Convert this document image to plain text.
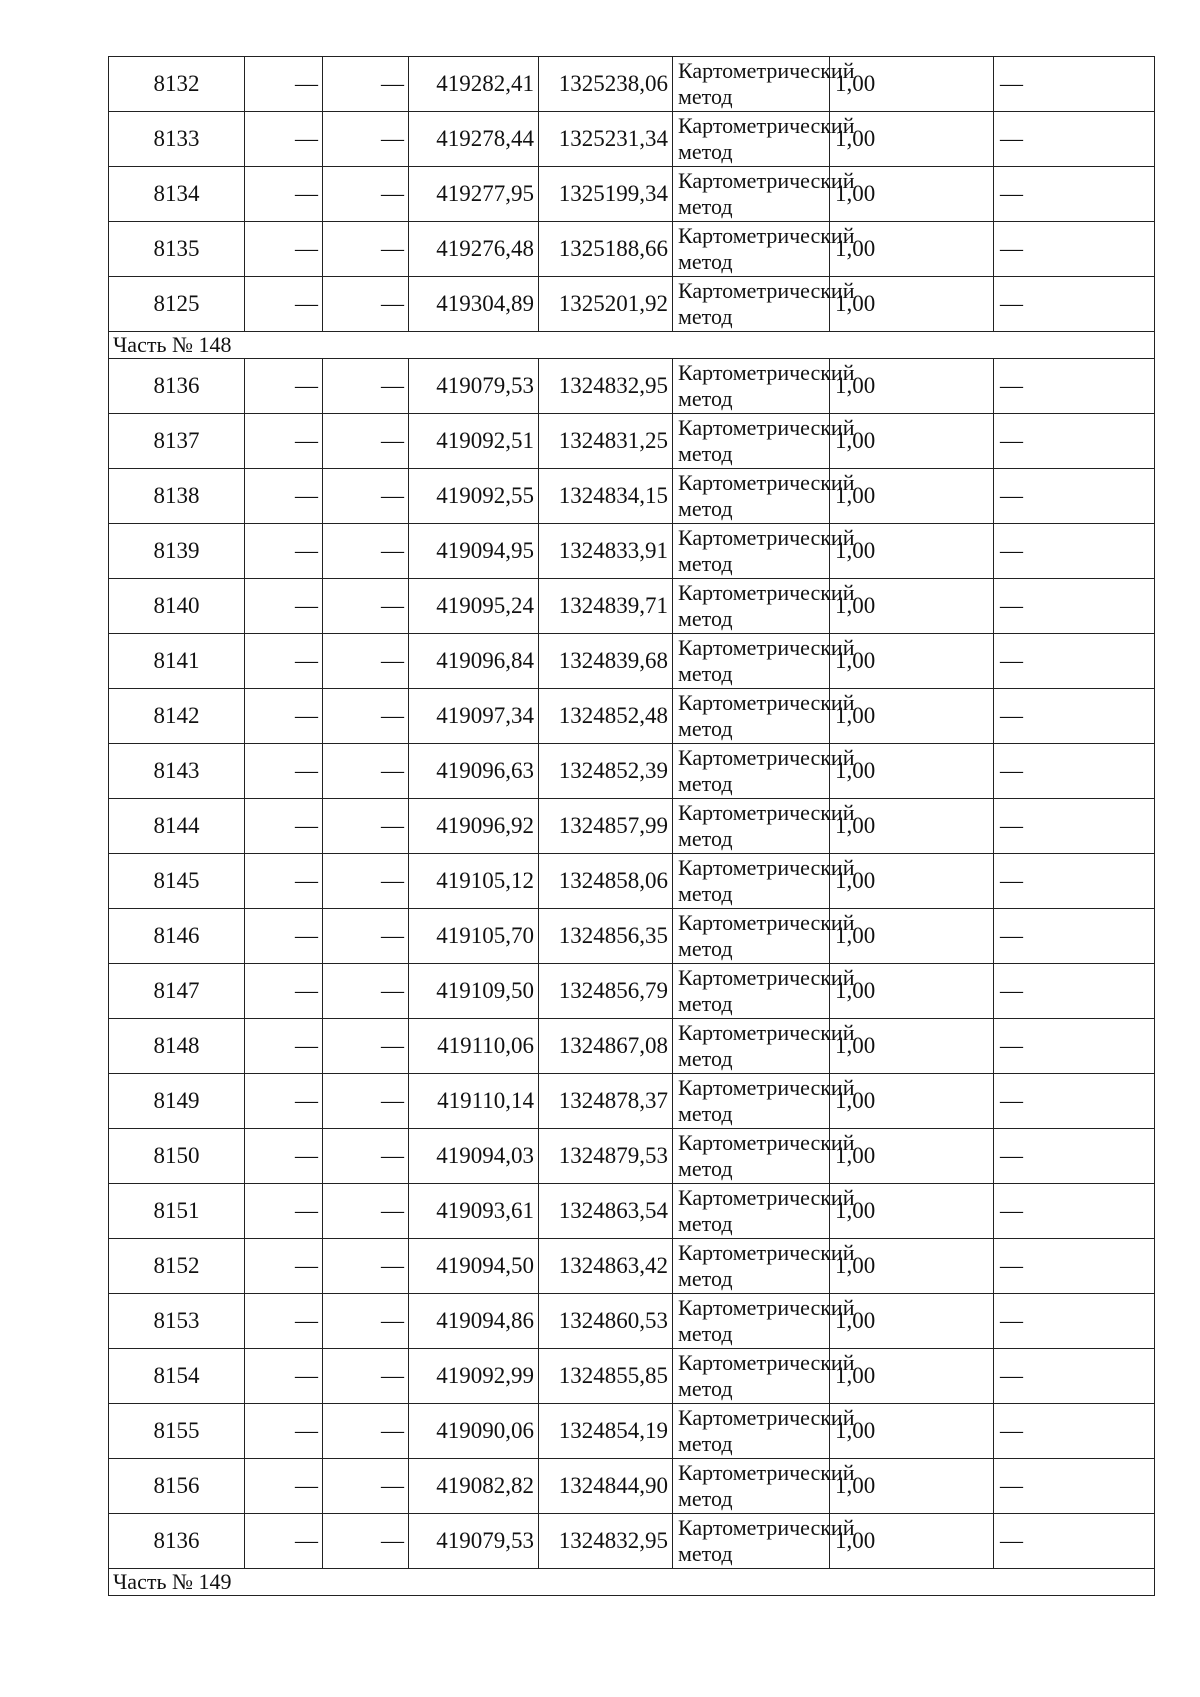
8132	—	—	419282,41	1325238,06	Картометрический метод	1,00	—
8133	—	—	419278,44	1325231,34	Картометрический метод	1,00	—
8134	—	—	419277,95	1325199,34	Картометрический метод	1,00	—
8135	—	—	419276,48	1325188,66	Картометрический метод	1,00	—
8125	—	—	419304,89	1325201,92	Картометрический метод	1,00	—
Часть № 148							
8136	—	—	419079,53	1324832,95	Картометрический метод	1,00	—
8137	—	—	419092,51	1324831,25	Картометрический метод	1,00	—
8138	—	—	419092,55	1324834,15	Картометрический метод	1,00	—
8139	—	—	419094,95	1324833,91	Картометрический метод	1,00	—
8140	—	—	419095,24	1324839,71	Картометрический метод	1,00	—
8141	—	—	419096,84	1324839,68	Картометрический метод	1,00	—
8142	—	—	419097,34	1324852,48	Картометрический метод	1,00	—
8143	—	—	419096,63	1324852,39	Картометрический метод	1,00	—
8144	—	—	419096,92	1324857,99	Картометрический метод	1,00	—
8145	—	—	419105,12	1324858,06	Картометрический метод	1,00	—
8146	—	—	419105,70	1324856,35	Картометрический метод	1,00	—
8147	—	—	419109,50	1324856,79	Картометрический метод	1,00	—
8148	—	—	419110,06	1324867,08	Картометрический метод	1,00	—
8149	—	—	419110,14	1324878,37	Картометрический метод	1,00	—
8150	—	—	419094,03	1324879,53	Картометрический метод	1,00	—
8151	—	—	419093,61	1324863,54	Картометрический метод	1,00	—
8152	—	—	419094,50	1324863,42	Картометрический метод	1,00	—
8153	—	—	419094,86	1324860,53	Картометрический метод	1,00	—
8154	—	—	419092,99	1324855,85	Картометрический метод	1,00	—
8155	—	—	419090,06	1324854,19	Картометрический метод	1,00	—
8156	—	—	419082,82	1324844,90	Картометрический метод	1,00	—
8136	—	—	419079,53	1324832,95	Картометрический метод	1,00	—
Часть № 149							
